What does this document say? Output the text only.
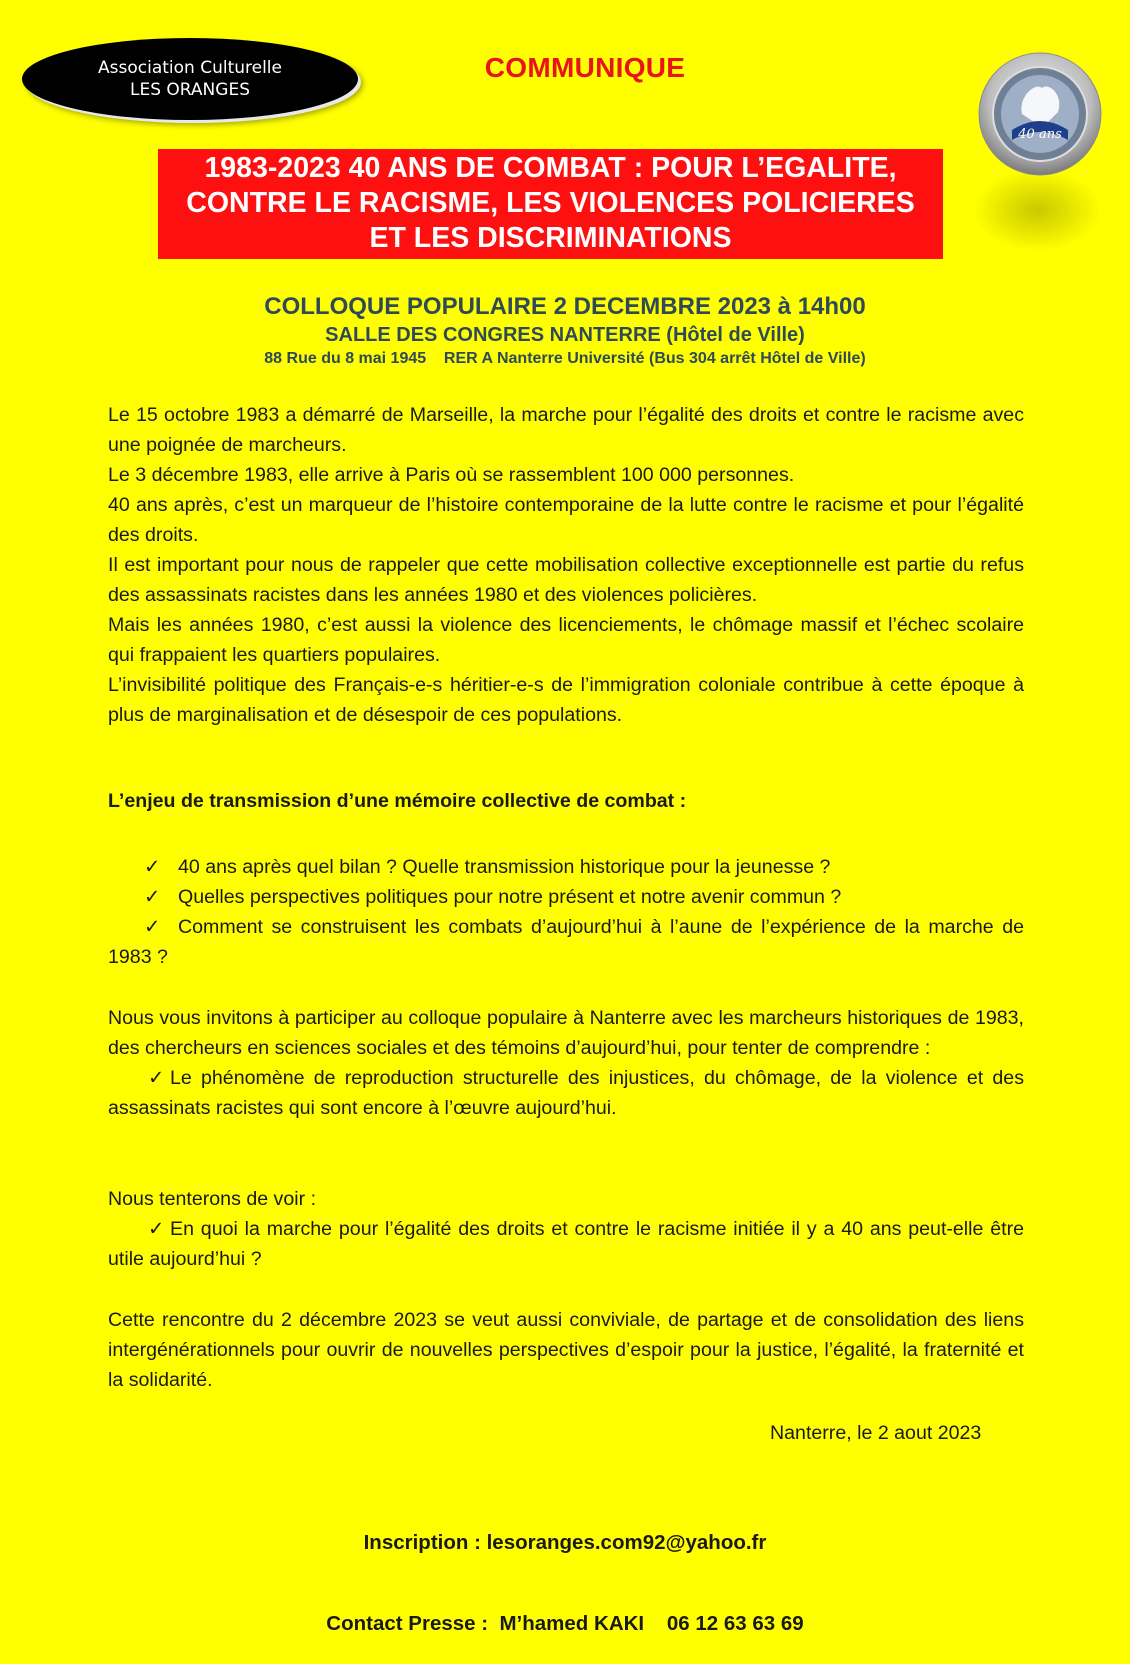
Association Culturelle
LES ORANGES
COMMUNIQUE
40 ans
1983-2023 40 ANS DE COMBAT : POUR L’EGALITE,
CONTRE LE RACISME, LES VIOLENCES POLICIERES
ET LES DISCRIMINATIONS
COLLOQUE POPULAIRE 2 DECEMBRE 2023 à 14h00
SALLE DES CONGRES NANTERRE (Hôtel de Ville)
88 Rue du 8 mai 1945    RER A Nanterre Université (Bus 304 arrêt Hôtel de Ville)

Le 15 octobre 1983 a démarré de Marseille, la marche pour l’égalité des droits et contre le racisme avec une poignée de marcheurs.

Le 3 décembre 1983, elle arrive à Paris où se rassemblent 100 000 personnes.

40 ans après, c’est un marqueur de l’histoire contemporaine de la lutte contre le racisme et pour l’égalité des droits.

Il est important pour nous de rappeler que cette mobilisation collective exceptionnelle est partie du refus des assassinats racistes dans les années 1980 et des violences policières.

Mais les années 1980, c’est aussi la violence des licenciements, le chômage massif et l’échec scolaire qui frappaient les quartiers populaires.

L’invisibilité politique des Français-e-s héritier-e-s de l’immigration coloniale contribue à cette époque à plus de marginalisation et de désespoir de ces populations.

L’enjeu de transmission d’une mémoire collective de combat :

✓ 40 ans après quel bilan ? Quelle transmission historique pour la jeunesse ?

✓ Quelles perspectives politiques pour notre présent et notre avenir commun ?

✓ Comment se construisent les combats d’aujourd’hui à l’aune de l’expérience de la marche de 1983 ?

Nous vous invitons à participer au colloque populaire à Nanterre avec les marcheurs historiques de 1983, des chercheurs en sciences sociales et des témoins d’aujourd’hui, pour tenter de comprendre :

✓ Le phénomène de reproduction structurelle des injustices, du chômage, de la violence et des assassinats racistes qui sont encore à l’œuvre aujourd’hui.

Nous tenterons de voir :

✓ En quoi la marche pour l’égalité des droits et contre le racisme initiée il y a 40 ans peut-elle être utile aujourd’hui ?

Cette rencontre du 2 décembre 2023 se veut aussi conviviale, de partage et de consolidation des liens intergénérationnels pour ouvrir de nouvelles perspectives d’espoir pour la justice, l’égalité, la fraternité et la solidarité.
Nanterre, le 2 aout 2023

Inscription : lesoranges.com92@yahoo.fr

Contact Presse :  M’hamed KAKI    06 12 63 63 69
